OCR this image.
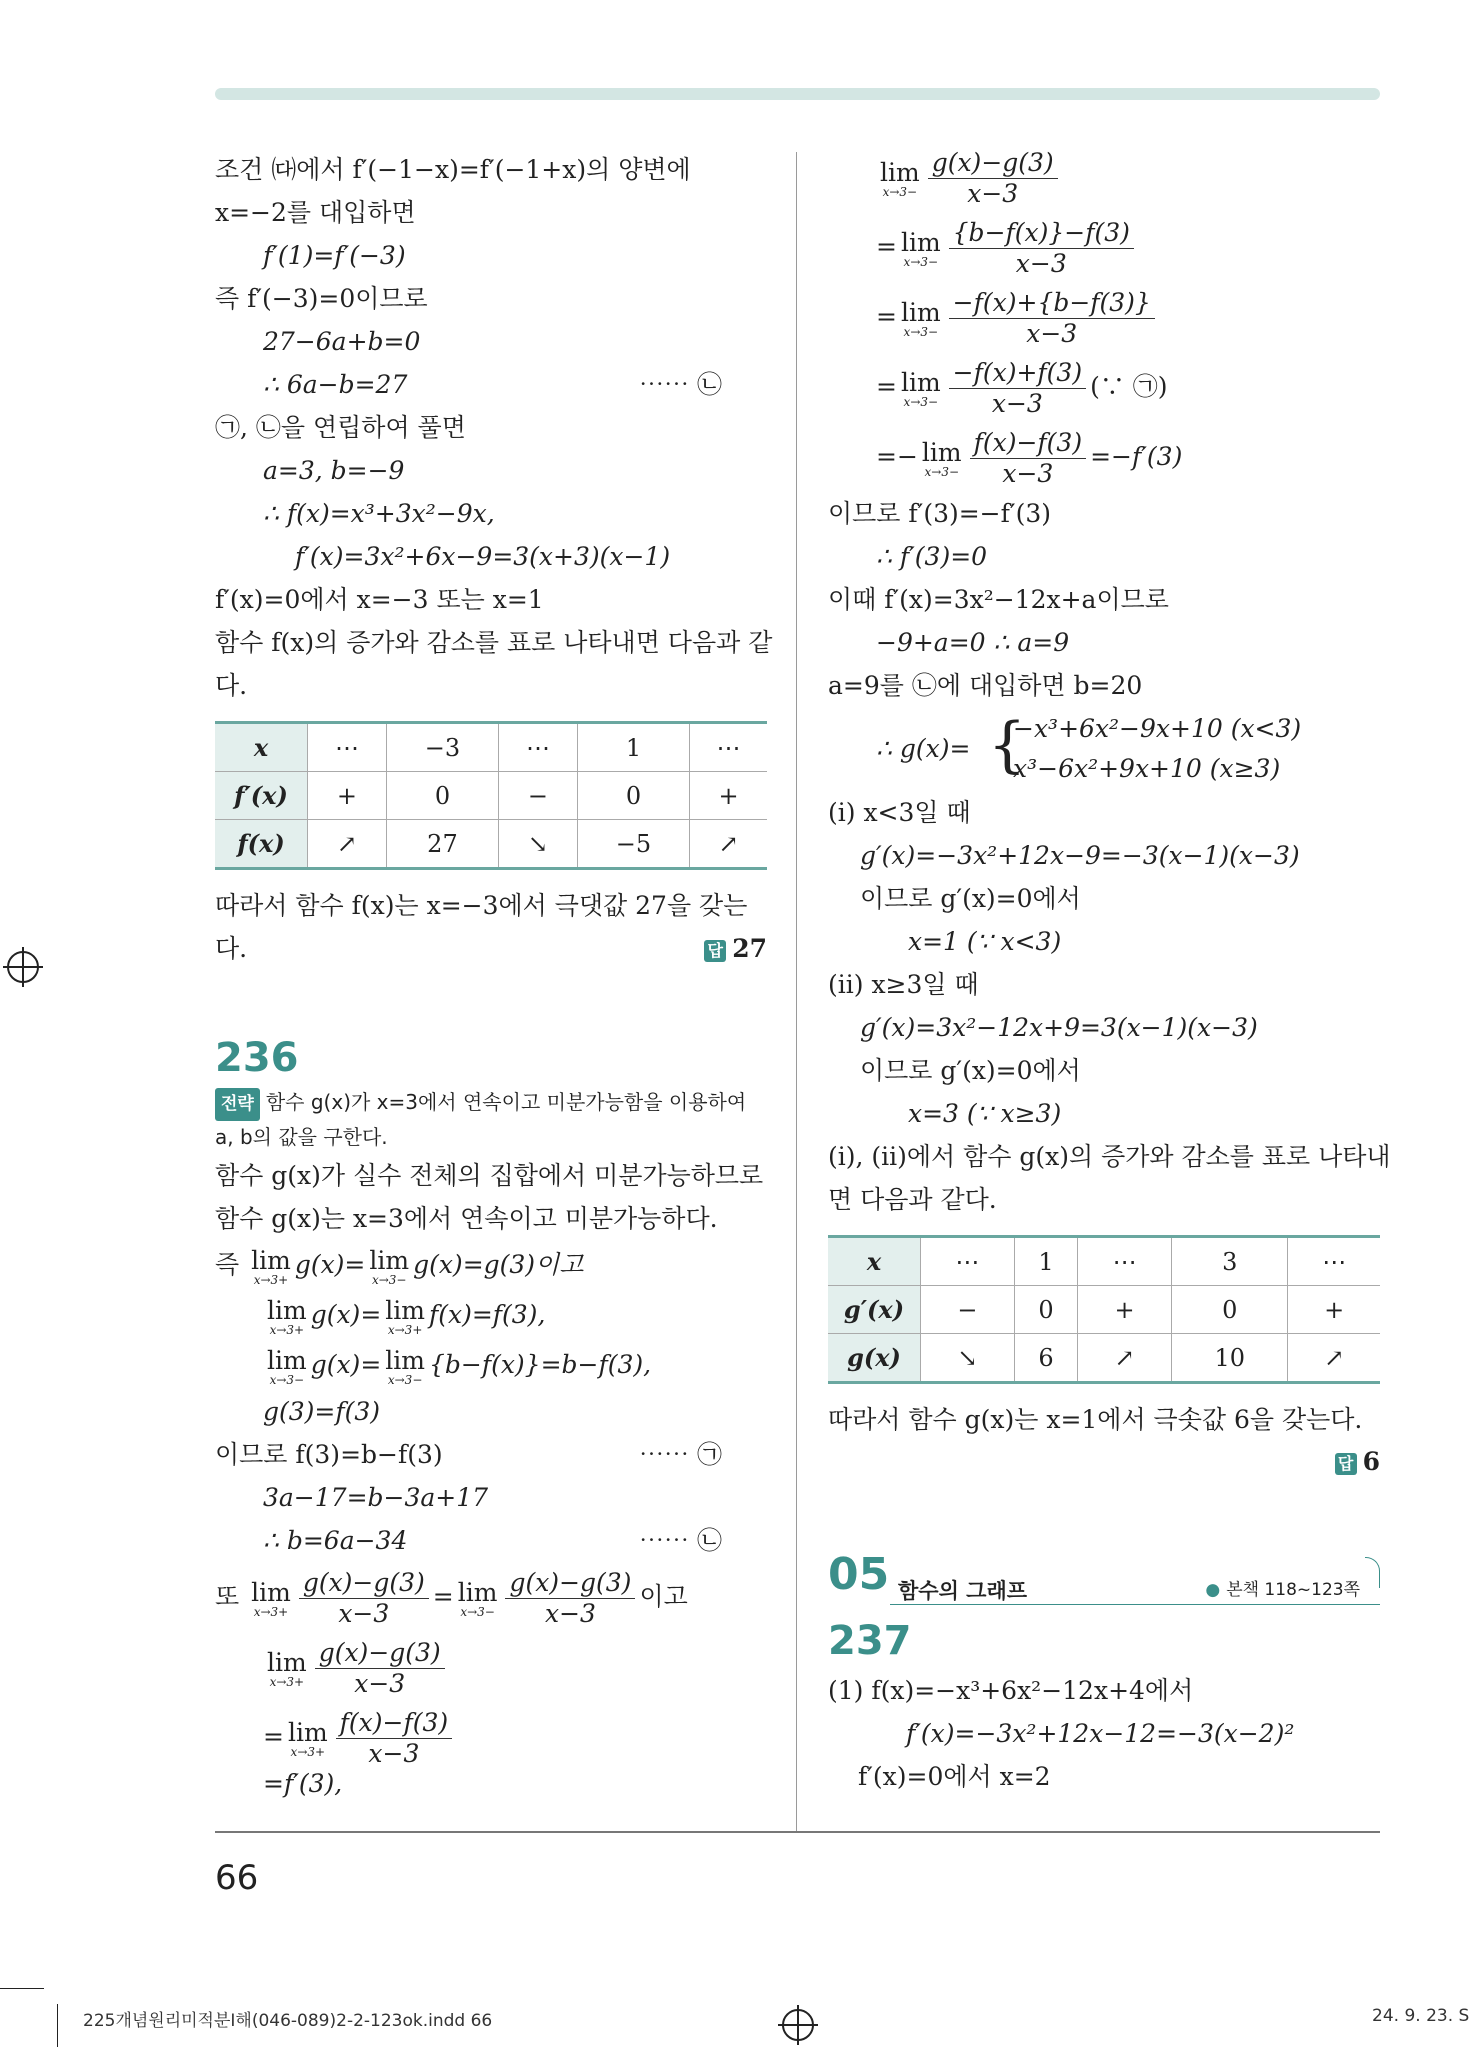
조건 ㈐에서 f′(−1−x)=f′(−1+x)의 양변에
x=−2를 대입하면
f′(1)=f′(−3)
즉 f′(−3)=0이므로
27−6a+b=0
∴ 6a−b=27	⋯⋯ ㉡
㉠, ㉡을 연립하여 풀면
a=3, b=−9
∴ f(x)=x³+3x²−9x,
f′(x)=3x²+6x−9=3(x+3)(x−1)
f′(x)=0에서 x=−3 또는 x=1
함수 f(x)의 증가와 감소를 표로 나타내면 다음과 같
다.
x	⋯	−3	⋯	1	⋯
f′(x)	+	0	−	0	+
f(x)	↗	27	↘	−5	↗
따라서 함수 f(x)는 x=−3에서 극댓값 27을 갖는
다.	답 27
236
전략 함수 g(x)가 x=3에서 연속이고 미분가능함을 이용하여
a, b의 값을 구한다.
함수 g(x)가 실수 전체의 집합에서 미분가능하므로
함수 g(x)는 x=3에서 연속이고 미분가능하다.
즉 lim
x→3+
g(x)= lim
x→3−
g(x)=g(3)이고
lim
x→3+
g(x)= lim
x→3+
f(x)=f(3),
lim
x→3−
g(x)= lim
x→3−
{b−f(x)}=b−f(3),
g(3)=f(3)
이므로 f(3)=b−f(3)	⋯⋯ ㉠
3a−17=b−3a+17
∴ b=6a−34	⋯⋯ ㉡
또 lim
$x\to 3+ \frac{g(x)-g(3)}{x-3} = \lim$
$x\to 3- \frac{g(x)-g(3)}{x-3}$ 이고
lim
$x\to 3+ \frac{g(x)-g(3)}{x-3}$
= lim
$x\to 3+ \frac{f(x)-f(3)}{x-3}$
=f′(3),
lim
$x\to 3- \frac{g(x)-g(3)}{x-3}$
= lim
$x\to 3- \frac{\{b-f(x)\}-f(3)}{x-3}$
= lim
$x\to 3- \frac{-f(x)+\{b-f(3)\}}{x-3}$
= lim
$x\to 3- \frac{-f(x)+f(3)}{x-3}$ (∵ ㉠)
=− lim
$x\to 3- \frac{f(x)-f(3)}{x-3} =-f'(3)$
이므로 f′(3)=−f′(3)
∴ f′(3)=0
이때 f′(x)=3x²−12x+a이므로
−9+a=0 ∴ a=9
a=9를 ㉡에 대입하면 b=20
∴ g(x)= {
−x³+6x²−9x+10 (x<3)
x³−6x²+9x+10 (x≥3)
(i) x<3일 때
g′(x)=−3x²+12x−9=−3(x−1)(x−3)
이므로 g′(x)=0에서
x=1 (∵ x<3)
(ii) x≥3일 때
g′(x)=3x²−12x+9=3(x−1)(x−3)
이므로 g′(x)=0에서
x=3 (∵ x≥3)
(i), (ii)에서 함수 g(x)의 증가와 감소를 표로 나타내
면 다음과 같다.
x	⋯	1	⋯	3	⋯
g′(x)	−	0	+	0	+
g(x)	↘	6	↗	10	↗
따라서 함수 g(x)는 x=1에서 극솟값 6을 갖는다.
답 6
05 함수의 그래프	● 본책 118~123쪽
237
(1) f(x)=−x³+6x²−12x+4에서
f′(x)=−3x²+12x−12=−3(x−2)²
f′(x)=0에서 x=2
66
225개념원리미적분Ⅰ해(046-089)2-2-123ok.indd 66	24. 9. 23. S
